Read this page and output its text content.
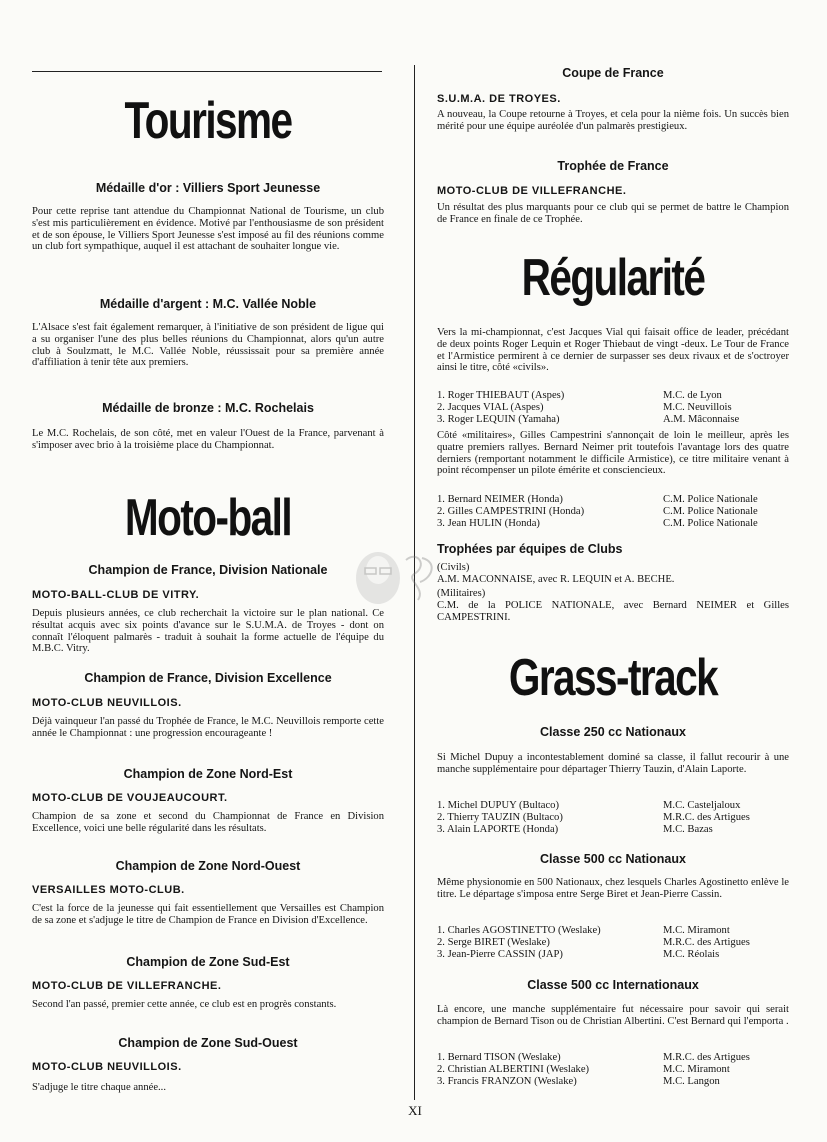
Tourisme
Médaille d'or : Villiers Sport Jeunesse
Pour cette reprise tant attendue du Championnat National de Tourisme, un club s'est mis particulièrement en évidence. Motivé par l'enthousiasme de son président et de son épouse, le Villiers Sport Jeunesse s'est imposé au fil des réunions comme un club fort sympathique, auquel il est attachant de souhaiter longue vie.
Médaille d'argent : M.C. Vallée Noble
L'Alsace s'est fait également remarquer, à l'initiative de son président de ligue qui a su organiser l'une des plus belles réunions du Championnat, alors qu'un autre club à Soulzmatt, le M.C. Vallée Noble, réussissait pour sa première année d'affiliation à tenir tête aux premiers.
Médaille de bronze : M.C. Rochelais
Le M.C. Rochelais, de son côté, met en valeur l'Ouest de la France, parvenant à s'imposer avec brio à la troisième place du Championnat.
Moto-ball
Champion de France, Division Nationale
MOTO-BALL-CLUB DE VITRY.
Depuis plusieurs années, ce club recherchait la victoire sur le plan national. Ce résultat acquis avec six points d'avance sur le S.U.M.A. de Troyes - dont on connaît l'éloquent palmarès - traduit à souhait la forme actuelle de l'équipe du M.B.C. Vitry.
Champion de France, Division Excellence
MOTO-CLUB NEUVILLOIS.
Déjà vainqueur l'an passé du Trophée de France, le M.C. Neuvillois remporte cette année le Championnat : une progression encourageante !
Champion de Zone Nord-Est
MOTO-CLUB DE VOUJEAUCOURT.
Champion de sa zone et second du Championnat de France en Division Excellence, voici une belle régularité dans les résultats.
Champion de Zone Nord-Ouest
VERSAILLES MOTO-CLUB.
C'est la force de la jeunesse qui fait essentiellement que Versailles est Champion de sa zone et s'adjuge le titre de Champion de France en Division d'Excellence.
Champion de Zone Sud-Est
MOTO-CLUB DE VILLEFRANCHE.
Second l'an passé, premier cette année, ce club est en progrès constants.
Champion de Zone Sud-Ouest
MOTO-CLUB NEUVILLOIS.
S'adjuge le titre chaque année...
Coupe de France
S.U.M.A. DE TROYES.
A nouveau, la Coupe retourne à Troyes, et cela pour la nième fois. Un succès bien mérité pour une équipe auréolée d'un palmarès prestigieux.
Trophée de France
MOTO-CLUB DE VILLEFRANCHE.
Un résultat des plus marquants pour ce club qui se permet de battre le Champion de France en finale de ce Trophée.
Régularité
Vers la mi-championnat, c'est Jacques Vial qui faisait office de leader, précédant de deux points Roger Lequin et Roger Thiebaut de vingt -deux. Le Tour de France et l'Armistice permirent à ce dernier de surpasser ses deux rivaux et de s'octroyer ainsi le titre, côté «civils».
1. Roger THIEBAUT (Aspes)	M.C. de Lyon
2. Jacques VIAL (Aspes)	M.C. Neuvillois
3. Roger LEQUIN (Yamaha)	A.M. Mâconnaise
Côté «militaires», Gilles Campestrini s'annonçait de loin le meilleur, après les quatre premiers rallyes. Bernard Neimer prit toutefois l'avantage lors des quatre derniers (remportant notamment le difficile Armistice), ce titre militaire venant à point récompenser un pilote émérite et consciencieux.
1. Bernard NEIMER (Honda)	C.M. Police Nationale
2. Gilles CAMPESTRINI (Honda)	C.M. Police Nationale
3. Jean HULIN (Honda)	C.M. Police Nationale
Trophées par équipes de Clubs
(Civils)
A.M. MACONNAISE, avec R. LEQUIN et A. BECHE.
(Militaires)
C.M. de la POLICE NATIONALE, avec Bernard NEIMER et Gilles CAMPESTRINI.
Grass-track
Classe 250 cc Nationaux
Si Michel Dupuy a incontestablement dominé sa classe, il fallut recourir à une manche supplémentaire pour départager Thierry Tauzin, d'Alain Laporte.
1. Michel DUPUY (Bultaco)	M.C. Casteljaloux
2. Thierry TAUZIN (Bultaco)	M.R.C. des Artigues
3. Alain LAPORTE (Honda)	M.C. Bazas
Classe 500 cc Nationaux
Même physionomie en 500 Nationaux, chez lesquels Charles Agostinetto enlève le titre. Le départage s'imposa entre Serge Biret et Jean-Pierre Cassin.
1. Charles AGOSTINETTO (Weslake)	M.C. Miramont
2. Serge BIRET (Weslake)	M.R.C. des Artigues
3. Jean-Pierre CASSIN (JAP)	M.C. Réolais
Classe 500 cc Internationaux
Là encore, une manche supplémentaire fut nécessaire pour savoir qui serait champion de Bernard Tison ou de Christian Albertini. C'est Bernard qui l'emporta .
1. Bernard TISON (Weslake)	M.R.C. des Artigues
2. Christian ALBERTINI (Weslake)	M.C. Miramont
3. Francis FRANZON (Weslake)	M.C. Langon
XI
